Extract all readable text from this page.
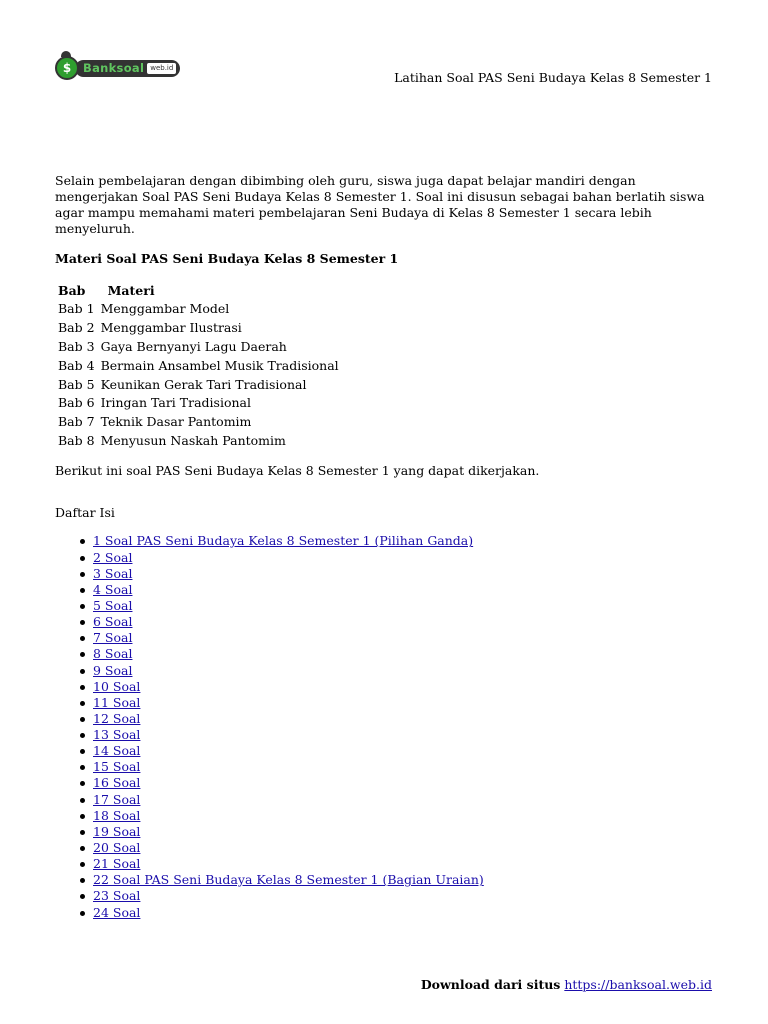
$ Banksoal web.id
Latihan Soal PAS Seni Budaya Kelas 8 Semester 1

Selain pembelajaran dengan dibimbing oleh guru, siswa juga dapat belajar mandiri dengan mengerjakan Soal PAS Seni Budaya Kelas 8 Semester 1. Soal ini disusun sebagai bahan berlatih siswa agar mampu memahami materi pembelajaran Seni Budaya di Kelas 8 Semester 1 secara lebih menyeluruh.

Materi Soal PAS Seni Budaya Kelas 8 Semester 1
Bab	Materi
Bab 1	Menggambar Model
Bab 2	Menggambar Ilustrasi
Bab 3	Gaya Bernyanyi Lagu Daerah
Bab 4	Bermain Ansambel Musik Tradisional
Bab 5	Keunikan Gerak Tari Tradisional
Bab 6	Iringan Tari Tradisional
Bab 7	Teknik Dasar Pantomim
Bab 8	Menyusun Naskah Pantomim

Berikut ini soal PAS Seni Budaya Kelas 8 Semester 1 yang dapat dikerjakan.

Daftar Isi

1 Soal PAS Seni Budaya Kelas 8 Semester 1 (Pilihan Ganda)
2 Soal
3 Soal
4 Soal
5 Soal
6 Soal
7 Soal
8 Soal
9 Soal
10 Soal
11 Soal
12 Soal
13 Soal
14 Soal
15 Soal
16 Soal
17 Soal
18 Soal
19 Soal
20 Soal
21 Soal
22 Soal PAS Seni Budaya Kelas 8 Semester 1 (Bagian Uraian)
23 Soal
24 Soal
Download dari situs https://banksoal.web.id
